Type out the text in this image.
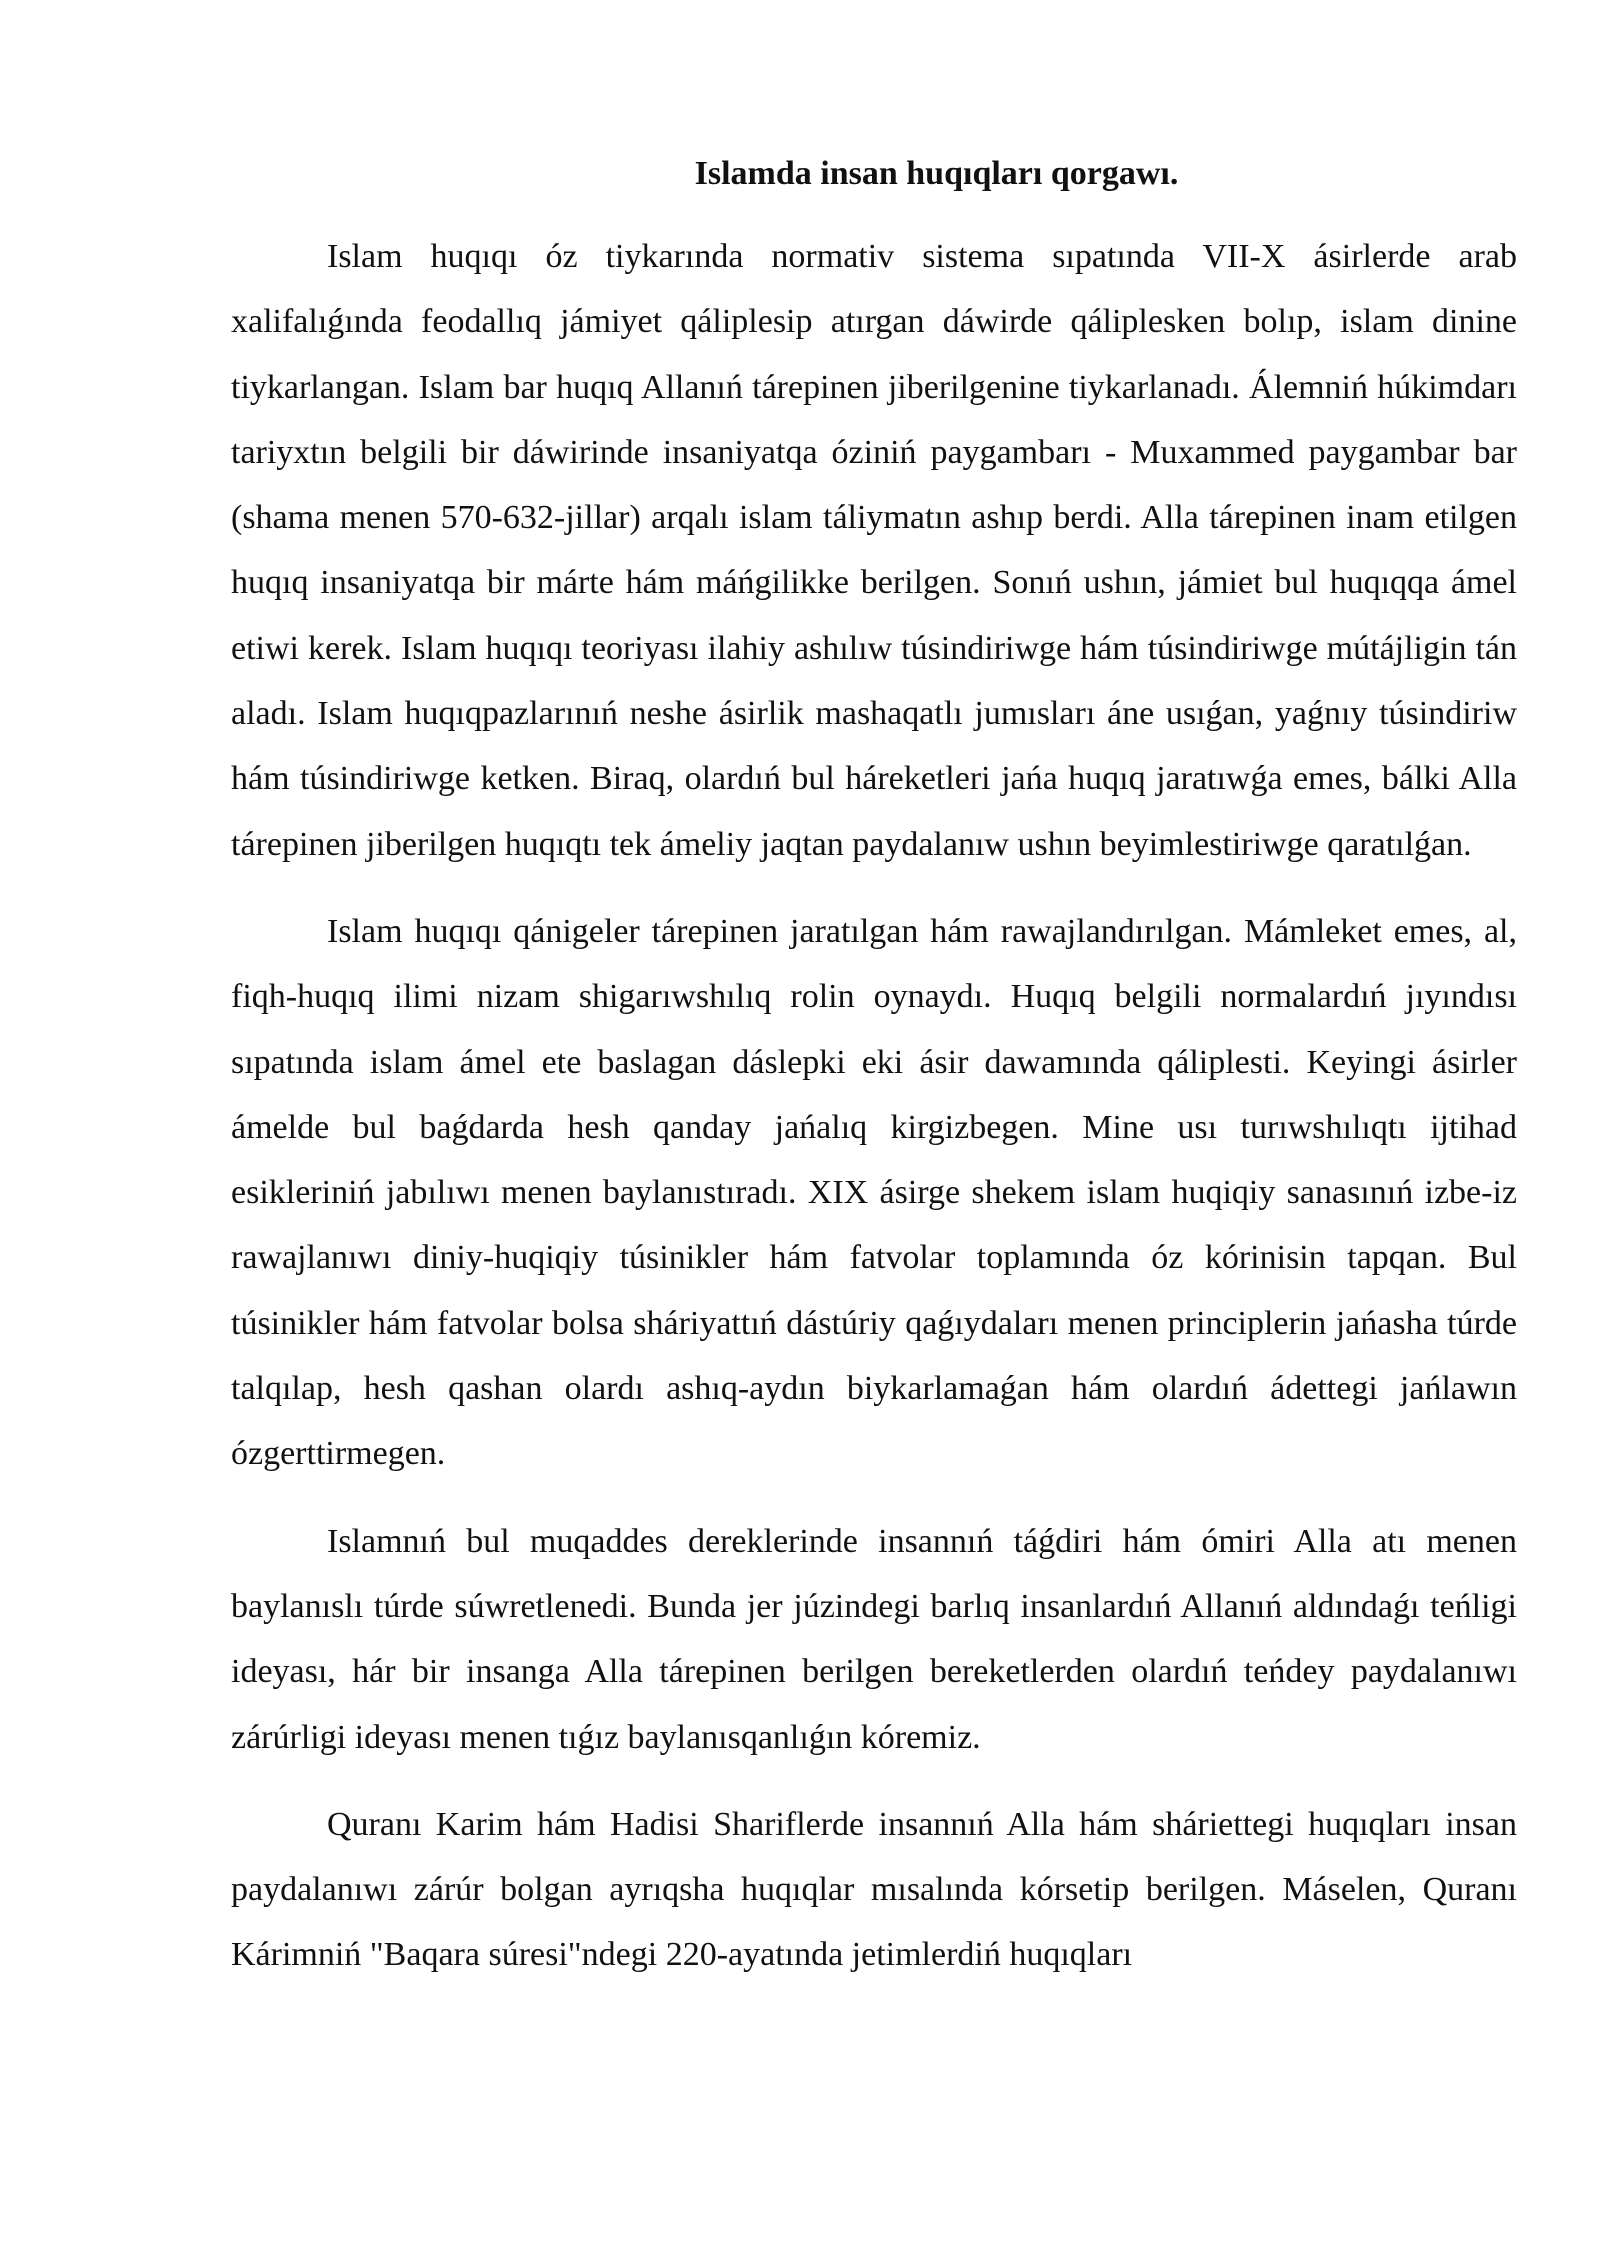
Islamda insan huqıqları qorgawı.

Islam huqıqı óz tiykarında normativ sistema sıpatında VII-X ásirlerde arab xalifalıǵında feodallıq jámiyet qáliplesip atırgan dáwirde qáliplesken bolıp, islam dinine tiykarlangan. Islam bar huqıq Allanıń tárepinen jiberilgenine tiykarlanadı. Álemniń húkimdarı tariyxtın belgili bir dáwirinde insaniyatqa óziniń paygambarı - Muxammed paygambar bar (shama menen 570-632-jillar) arqalı islam táliymatın ashıp berdi. Alla tárepinen inam etilgen huqıq insaniyatqa bir márte hám máńgilikke berilgen. Sonıń ushın, jámiet bul huqıqqa ámel etiwi kerek. Islam huqıqı teoriyası ilahiy ashılıw túsindiriwge hám túsindiriwge mútájligin tán aladı. Islam huqıqpazlarınıń neshe ásirlik mashaqatlı jumısları áne usıǵan, yaǵnıy túsindiriw hám túsindiriwge ketken. Biraq, olardıń bul háreketleri jańa huqıq jaratıwǵa emes, bálki Alla tárepinen jiberilgen huqıqtı tek ámeliy jaqtan paydalanıw ushın beyimlestiriwge qaratılǵan.

Islam huqıqı qánigeler tárepinen jaratılgan hám rawajlandırılgan. Mámleket emes, al, fiqh-huqıq ilimi nizam shigarıwshılıq rolin oynaydı. Huqıq belgili normalardıń jıyındısı sıpatında islam ámel ete baslagan dáslepki eki ásir dawamında qáliplesti. Keyingi ásirler ámelde bul baǵdarda hesh qanday jańalıq kirgizbegen. Mine usı turıwshılıqtı ijtihad esikleriniń jabılıwı menen baylanıstıradı. XIX ásirge shekem islam huqiqiy sanasınıń izbe-iz rawajlanıwı diniy-huqiqiy túsinikler hám fatvolar toplamında óz kórinisin tapqan. Bul túsinikler hám fatvolar bolsa sháriyattıń dástúriy qaǵıydaları menen principlerin jańasha túrde talqılap, hesh qashan olardı ashıq-aydın biykarlamaǵan hám olardıń ádettegi jańlawın ózgerttirmegen.

Islamnıń bul muqaddes dereklerinde insannıń táǵdiri hám ómiri Alla atı menen baylanıslı túrde súwretlenedi. Bunda jer júzindegi barlıq insanlardıń Allanıń aldındaǵı teńligi ideyası, hár bir insanga Alla tárepinen berilgen bereketlerden olardıń teńdey paydalanıwı zárúrligi ideyası menen tıǵız baylanısqanlıǵın kóremiz.

Quranı Karim hám Hadisi Shariflerde insannıń Alla hám sháriettegi huqıqları insan paydalanıwı zárúr bolgan ayrıqsha huqıqlar mısalında kórsetip berilgen. Máselen, Quranı Kárimniń "Baqara súresi"ndegi 220-ayatında jetimlerdiń huqıqları
